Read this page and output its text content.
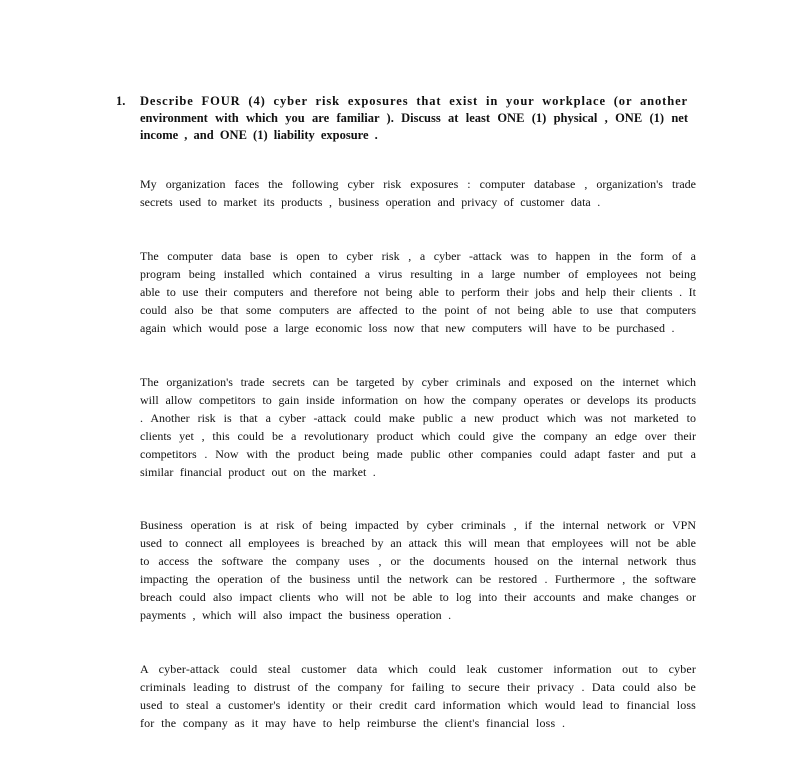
1. Describe FOUR (4) cyber risk exposures that exist in your workplace (or another environment with which you are familiar ). Discuss at least ONE (1) physical , ONE (1) net income , and ONE (1) liability exposure .

My organization faces the following cyber risk exposures : computer database , organization's trade secrets used to market its products , business operation and privacy of customer data .

The computer data base is open to cyber risk , a cyber -attack was to happen in the form of a program being installed which contained a virus resulting in a large number of employees not being able to use their computers and therefore not being able to perform their jobs and help their clients . It could also be that some computers are affected to the point of not being able to use that computers again which would pose a large economic loss now that new computers will have to be purchased .

The organization's trade secrets can be targeted by cyber criminals and exposed on the internet which will allow competitors to gain inside information on how the company operates or develops its products . Another risk is that a cyber -attack could make public a new product which was not marketed to clients yet , this could be a revolutionary product which could give the company an edge over their competitors . Now with the product being made public other companies could adapt faster and put a similar financial product out on the market .

Business operation is at risk of being impacted by cyber criminals , if the internal network or VPN used to connect all employees is breached by an attack this will mean that employees will not be able to access the software the company uses , or the documents housed on the internal network thus impacting the operation of the business until the network can be restored . Furthermore , the software breach could also impact clients who will not be able to log into their accounts and make changes or payments , which will also impact the business operation .

A cyber-attack could steal customer data which could leak customer information out to cyber criminals leading to distrust of the company for failing to secure their privacy . Data could also be used to steal a customer's identity or their credit card information which would lead to financial loss for the company as it may have to help reimburse the client's financial loss .
